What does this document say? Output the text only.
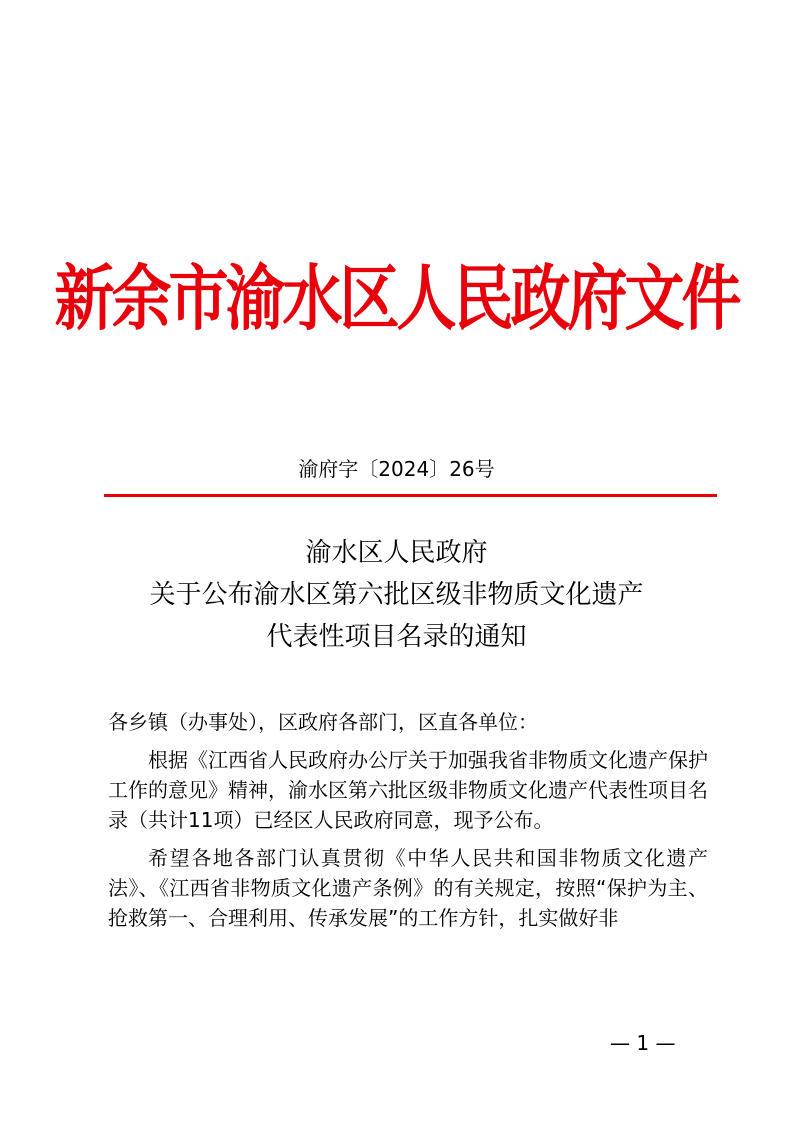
新余市渝水区人民政府文件
渝府字〔2024〕26号
渝水区人民政府
关于公布渝水区第六批区级非物质文化遗产
代表性项目名录的通知

各乡镇（办事处），区政府各部门，区直各单位：

根据《江西省人民政府办公厅关于加强我省非物质文化遗产保护工作的意见》精神，渝水区第六批区级非物质文化遗产代表性项目名录（共计11项）已经区人民政府同意，现予公布。

希望各地各部门认真贯彻《中华人民共和国非物质文化遗产法》、《江西省非物质文化遗产条例》的有关规定，按照“保护为主、抢救第一、合理利用、传承发展”的工作方针，扎实做好非

— 1 —
